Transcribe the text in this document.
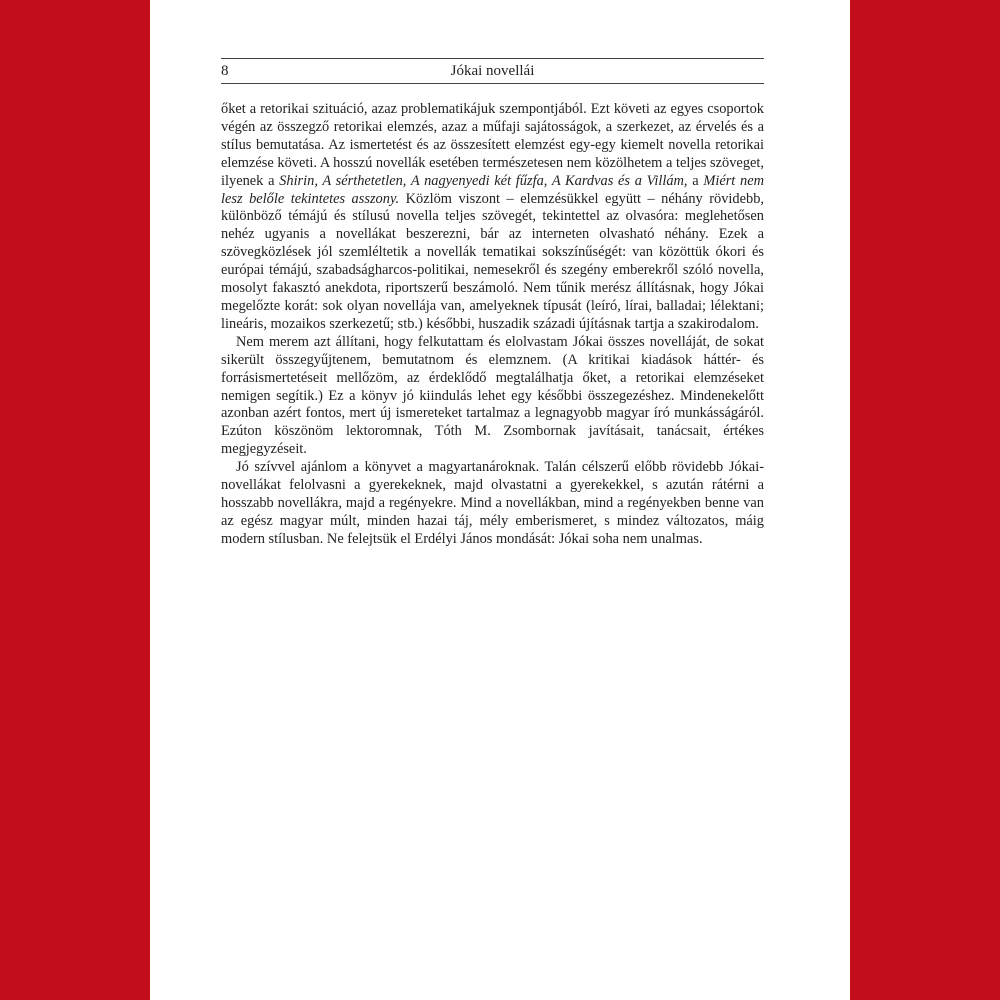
8	Jókai novellái

őket a retorikai szituáció, azaz problematikájuk szempontjából. Ezt követi az egyes csoportok végén az összegző retorikai elemzés, azaz a műfaji sajátosságok, a szerkezet, az érvelés és a stílus bemutatása. Az ismertetést és az összesített elemzést egy-egy kiemelt novella retorikai elemzése követi. A hosszú novellák esetében természetesen nem közölhetem a teljes szöveget, ilyenek a Shirin, A sérthetetlen, A nagyenyedi két fűzfa, A Kardvas és a Villám, a Miért nem lesz belőle tekintetes asszony. Közlöm viszont – elemzésükkel együtt – néhány rövidebb, különböző témájú és stílusú novella teljes szövegét, tekintettel az olvasóra: meglehetősen nehéz ugyanis a novellákat beszerezni, bár az interneten olvasható néhány. Ezek a szövegközlések jól szemléltetik a novellák tematikai sokszínűségét: van közöttük ókori és európai témájú, szabadságharcos-politikai, nemesekről és szegény emberekről szóló novella, mosolyt fakasztó anekdota, riportszerű beszámoló. Nem tűnik merész állításnak, hogy Jókai megelőzte korát: sok olyan novellája van, amelyeknek típusát (leíró, lírai, balladai; lélektani; lineáris, mozaikos szerkezetű; stb.) későbbi, huszadik századi újításnak tartja a szakirodalom.

Nem merem azt állítani, hogy felkutattam és elolvastam Jókai összes novelláját, de sokat sikerült összegyűjtenem, bemutatnom és elemznem. (A kritikai kiadások háttér- és forrásismertetéseit mellőzöm, az érdeklődő megtalálhatja őket, a retorikai elemzéseket nemigen segítik.) Ez a könyv jó kiindulás lehet egy későbbi összegezéshez. Mindenekelőtt azonban azért fontos, mert új ismereteket tartalmaz a legnagyobb magyar író munkásságáról. Ezúton köszönöm lektoromnak, Tóth M. Zsombornak javításait, tanácsait, értékes megjegyzéseit.

Jó szívvel ajánlom a könyvet a magyartanároknak. Talán célszerű előbb rövidebb Jókai-novellákat felolvasni a gyerekeknek, majd olvastatni a gyerekekkel, s azután rátérni a hosszabb novellákra, majd a regényekre. Mind a novellákban, mind a regényekben benne van az egész magyar múlt, minden hazai táj, mély emberismeret, s mindez változatos, máig modern stílusban. Ne felejtsük el Erdélyi János mondását: Jókai soha nem unalmas.
